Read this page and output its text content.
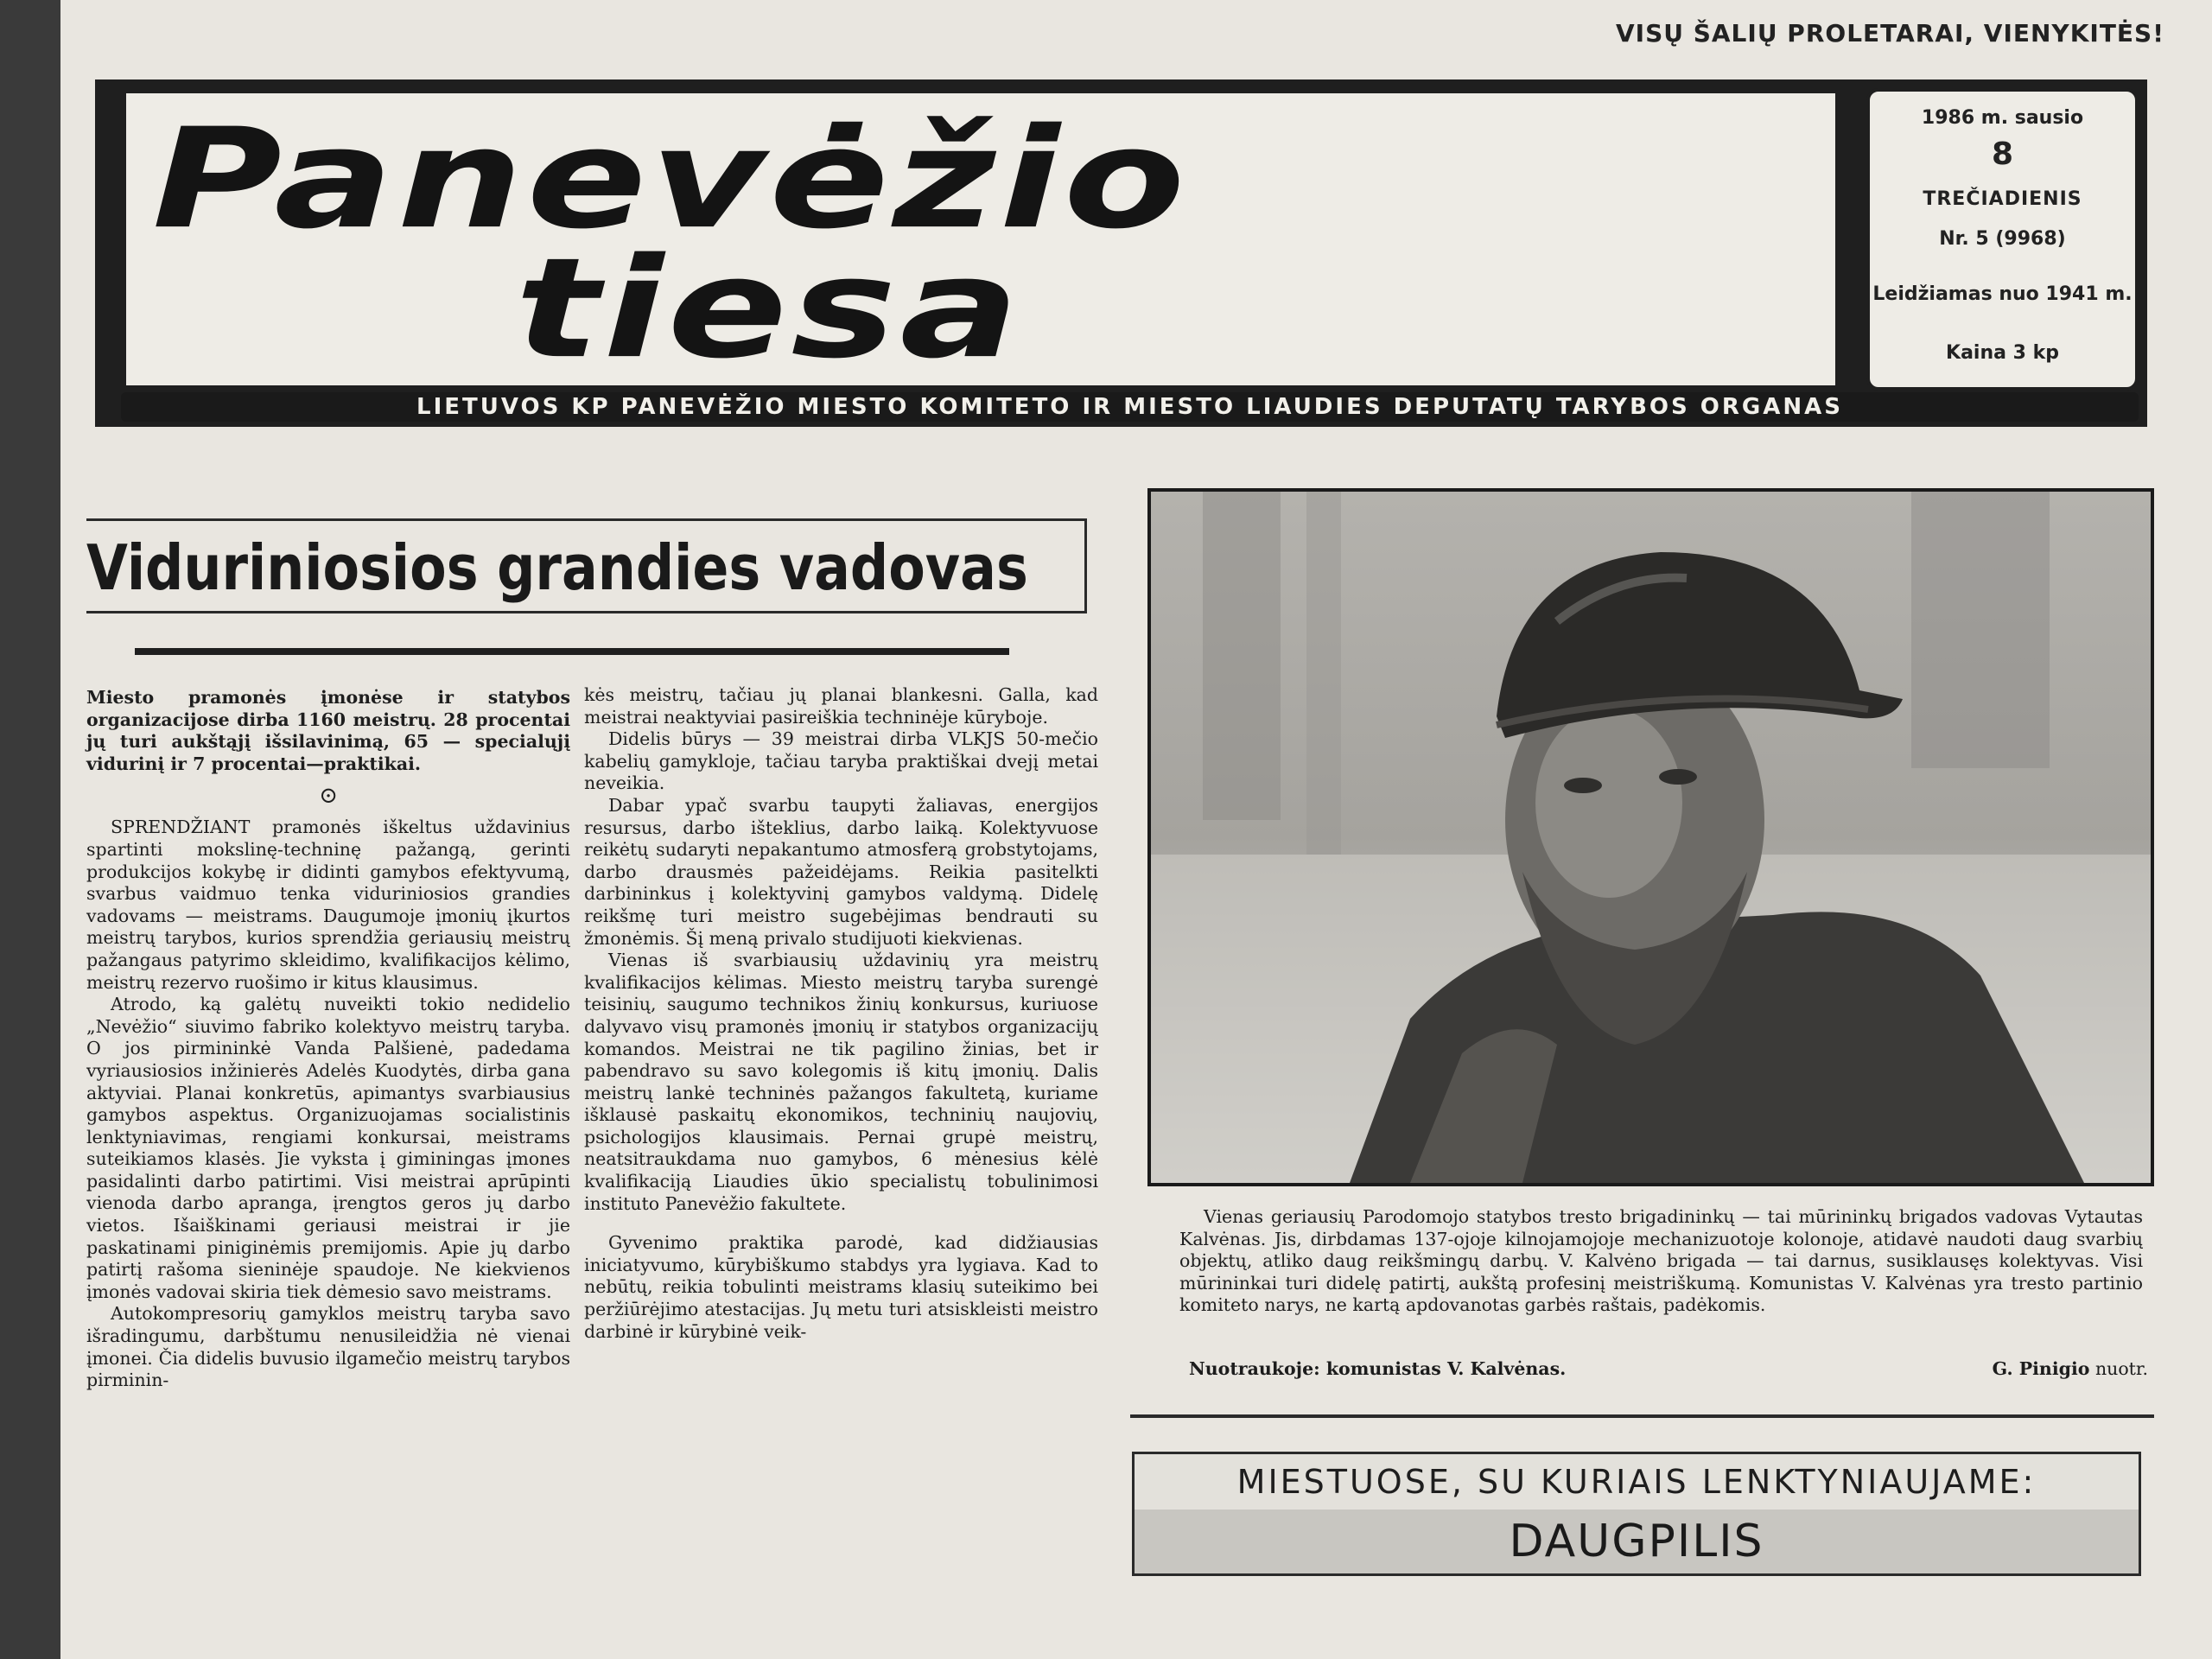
VISŲ ŠALIŲ PROLETARAI, VIENYKITĖS!
Panevėžio
tiesa
1986 m. sausio
8
TREČIADIENIS
Nr. 5 (9968)
Leidžiamas nuo 1941 m.
Kaina 3 kp
LIETUVOS KP PANEVĖŽIO MIESTO KOMITETO IR MIESTO LIAUDIES DEPUTATŲ TARYBOS ORGANAS
Viduriniosios grandies vadovas

Miesto pramonės įmonėse ir statybos organizacijose dirba 1160 meistrų. 28 procentai jų turi aukštąjį išsilavinimą, 65 — specialųjį vidurinį ir 7 procentai—praktikai.

⊙

SPRENDŽIANT pramonės iškeltus uždavinius spartinti mokslinę-techninę pažangą, gerinti produkcijos kokybę ir didinti gamybos efektyvumą, svarbus vaidmuo tenka viduriniosios grandies vadovams — meistrams. Daugumoje įmonių įkurtos meistrų tarybos, kurios sprendžia geriausių meistrų pažangaus patyrimo skleidimo, kvalifikacijos kėlimo, meistrų rezervo ruošimo ir kitus klausimus.

Atrodo, ką galėtų nuveikti tokio nedidelio „Nevėžio“ siuvimo fabriko kolektyvo meistrų taryba. O jos pirmininkė Vanda Palšienė, padedama vyriausiosios inžinierės Adelės Kuodytės, dirba gana aktyviai. Planai konkretūs, apimantys svarbiausius gamybos aspektus. Organizuojamas socialistinis lenktyniavimas, rengiami konkursai, meistrams suteikiamos klasės. Jie vyksta į giminingas įmones pasidalinti darbo patirtimi. Visi meistrai aprūpinti vienoda darbo apranga, įrengtos geros jų darbo vietos. Išaiškinami geriausi meistrai ir jie paskatinami piniginėmis premijomis. Apie jų darbo patirtį rašoma sieninėje spaudoje. Ne kiekvienos įmonės vadovai skiria tiek dėmesio savo meistrams.

Autokompresorių gamyklos meistrų taryba savo išradingumu, darbštumu nenusileidžia nė vienai įmonei. Čia didelis buvusio ilgamečio meistrų tarybos pirminin-

kės meistrų, tačiau jų planai blankesni. Galla, kad meistrai neaktyviai pasireiškia techninėje kūryboje.

Didelis būrys — 39 meistrai dirba VLKJS 50-mečio kabelių gamykloje, tačiau taryba praktiškai dvejį metai neveikia.

Dabar ypač svarbu taupyti žaliavas, energijos resursus, darbo išteklius, darbo laiką. Kolektyvuose reikėtų sudaryti nepakantumo atmosferą grobstytojams, darbo drausmės pažeidėjams. Reikia pasitelkti darbininkus į kolektyvinį gamybos valdymą. Didelę reikšmę turi meistro sugebėjimas bendrauti su žmonėmis. Šį meną privalo studijuoti kiekvienas.

Vienas iš svarbiausių uždavinių yra meistrų kvalifikacijos kėlimas. Miesto meistrų taryba surengė teisinių, saugumo technikos žinių konkursus, kuriuose dalyvavo visų pramonės įmonių ir statybos organizacijų komandos. Meistrai ne tik pagilino žinias, bet ir pabendravo su savo kolegomis iš kitų įmonių. Dalis meistrų lankė techninės pažangos fakultetą, kuriame išklausė paskaitų ekonomikos, techninių naujovių, psichologijos klausimais. Pernai grupė meistrų, neatsitraukdama nuo gamybos, 6 mėnesius kėlė kvalifikaciją Liaudies ūkio specialistų tobulinimosi instituto Panevėžio fakultete.

Gyvenimo praktika parodė, kad didžiausias iniciatyvumo, kūrybiškumo stabdys yra lygiava. Kad to nebūtų, reikia tobulinti meistrams klasių suteikimo bei peržiūrėjimo atestacijas. Jų metu turi atsiskleisti meistro darbinė ir kūrybinė veik-

Vienas geriausių Parodomojo statybos tresto brigadininkų — tai mūrininkų brigados vadovas Vytautas Kalvėnas. Jis, dirbdamas 137-ojoje kilnojamojoje mechanizuotoje kolonoje, atidavė naudoti daug svarbių objektų, atliko daug reikšmingų darbų. V. Kalvėno brigada — tai darnus, susiklausęs kolektyvas. Visi mūrininkai turi didelę patirtį, aukštą profesinį meistriškumą. Komunistas V. Kalvėnas yra tresto partinio komiteto narys, ne kartą apdovanotas garbės raštais, padėkomis.

Nuotraukoje: komunistas V. Kalvėnas.	G. Pinigio nuotr.
MIESTUOSE, SU KURIAIS LENKTYNIAUJAME:
DAUGPILIS
